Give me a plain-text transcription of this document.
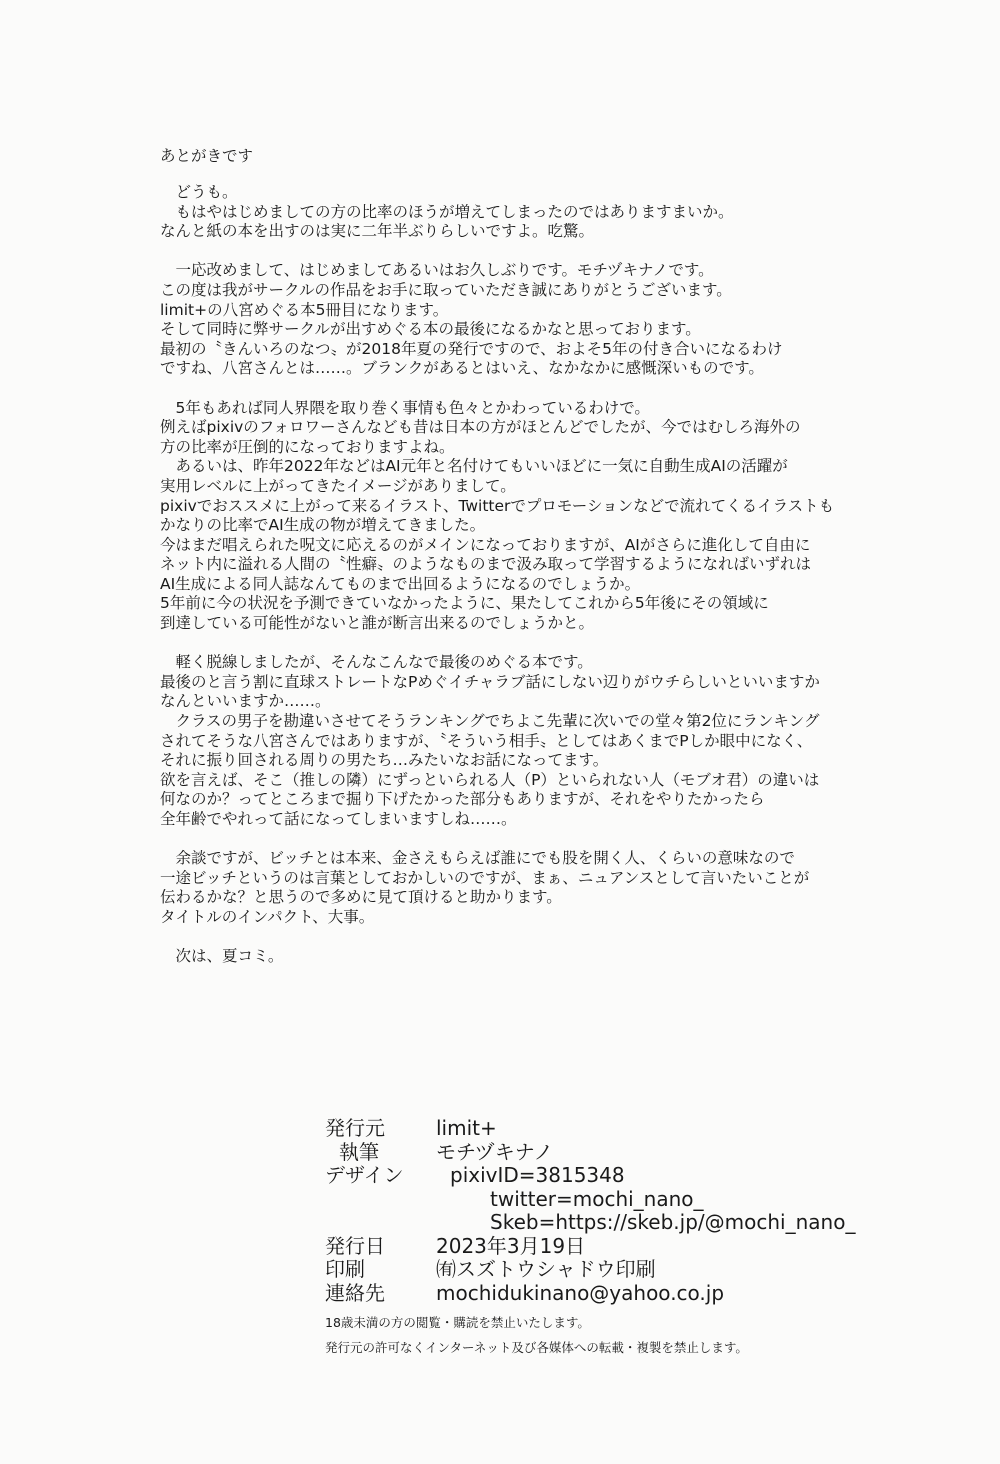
あとがきです
　どうも。
　もはやはじめましての方の比率のほうが増えてしまったのではありますまいか。
なんと紙の本を出すのは実に二年半ぶりらしいですよ。吃驚。
　一応改めまして、はじめましてあるいはお久しぶりです。モチヅキナノです。
この度は我がサークルの作品をお手に取っていただき誠にありがとうございます。
limit+の八宮めぐる本5冊目になります。
そして同時に弊サークルが出すめぐる本の最後になるかなと思っております。
最初の〝きんいろのなつ〟が2018年夏の発行ですので、およそ5年の付き合いになるわけ
ですね、八宮さんとは……。ブランクがあるとはいえ、なかなかに感慨深いものです。
　5年もあれば同人界隈を取り巻く事情も色々とかわっているわけで。
例えばpixivのフォロワーさんなども昔は日本の方がほとんどでしたが、今ではむしろ海外の
方の比率が圧倒的になっておりますよね。
　あるいは、昨年2022年などはAI元年と名付けてもいいほどに一気に自動生成AIの活躍が
実用レベルに上がってきたイメージがありまして。
pixivでおススメに上がって来るイラスト、Twitterでプロモーションなどで流れてくるイラストも
かなりの比率でAI生成の物が増えてきました。
今はまだ唱えられた呪文に応えるのがメインになっておりますが、AIがさらに進化して自由に
ネット内に溢れる人間の〝性癖〟のようなものまで汲み取って学習するようになればいずれは
AI生成による同人誌なんてものまで出回るようになるのでしょうか。
5年前に今の状況を予測できていなかったように、果たしてこれから5年後にその領域に
到達している可能性がないと誰が断言出来るのでしょうかと。
　軽く脱線しましたが、そんなこんなで最後のめぐる本です。
最後のと言う割に直球ストレートなPめぐイチャラブ話にしない辺りがウチらしいといいますか
なんといいますか……。
　クラスの男子を勘違いさせてそうランキングでちよこ先輩に次いでの堂々第2位にランキング
されてそうな八宮さんではありますが、〝そういう相手〟としてはあくまでPしか眼中になく、
それに振り回される周りの男たち…みたいなお話になってます。
欲を言えば、そこ（推しの隣）にずっといられる人（P）といられない人（モブオ君）の違いは
何なのか？ってところまで掘り下げたかった部分もありますが、それをやりたかったら
全年齢でやれって話になってしまいますしね……。
　余談ですが、ビッチとは本来、金さえもらえば誰にでも股を開く人、くらいの意味なので
一途ビッチというのは言葉としておかしいのですが、まぁ、ニュアンスとして言いたいことが
伝わるかな？と思うので多めに見て頂けると助かります。
タイトルのインパクト、大事。
　次は、夏コミ。
発行元	limit+
執筆	モチヅキナノ
デザイン pixivID=3815348
twitter=mochi_nano_
Skeb=https://skeb.jp/@mochi_nano_
発行日	2023年3月19日
印刷	㈲スズトウシャドウ印刷
連絡先	mochidukinano@yahoo.co.jp
18歳未満の方の閲覧・購読を禁止いたします。
発行元の許可なくインターネット及び各媒体への転載・複製を禁止します。
